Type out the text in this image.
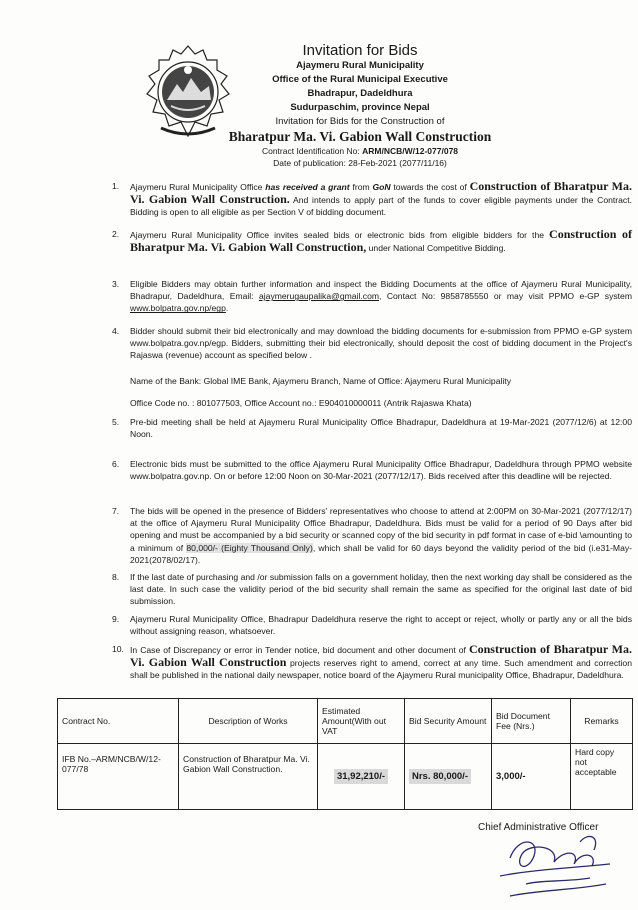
Invitation for Bids
Ajaymeru Rural Municipality
Office of the Rural Municipal Executive
Bhadrapur, Dadeldhura
Sudurpaschim, province Nepal
Invitation for Bids for the Construction of
Bharatpur Ma. Vi. Gabion Wall Construction
Contract Identification No: ARM/NCB/W/12-077/078
Date of publication: 28-Feb-2021 (2077/11/16)
1.	Ajaymeru Rural Municipality Office has received a grant from GoN towards the cost of Construction of Bharatpur Ma. Vi. Gabion Wall Construction. And intends to apply part of the funds to cover eligible payments under the Contract. Bidding is open to all eligible as per Section V of bidding document.
2.	Ajaymeru Rural Municipality Office invites sealed bids or electronic bids from eligible bidders for the Construction of Bharatpur Ma. Vi. Gabion Wall Construction, under National Competitive Bidding.
3.	Eligible Bidders may obtain further information and inspect the Bidding Documents at the office of Ajaymeru Rural Municipality, Bhadrapur, Dadeldhura, Email: ajaymerugaupalika@gmail.com, Contact No: 9858785550 or may visit PPMO e-GP system www.bolpatra.gov.np/egp.
4.	Bidder should submit their bid electronically and may download the bidding documents for e-submission from PPMO e-GP system www.bolpatra.gov.np/egp. Bidders, submitting their bid electronically, should deposit the cost of bidding document in the Project's Rajaswa (revenue) account as specified below .
Name of the Bank: Global IME Bank, Ajaymeru Branch, Name of Office: Ajaymeru Rural Municipality
Office Code no. : 801077503, Office Account no.: E904010000011 (Antrik Rajaswa Khata)
5.	Pre-bid meeting shall be held at Ajaymeru Rural Municipality Office Bhadrapur, Dadeldhura at 19-Mar-2021 (2077/12/6) at 12:00 Noon.
6.	Electronic bids must be submitted to the office Ajaymeru Rural Municipality Office Bhadrapur, Dadeldhura through PPMO website www.bolpatra.gov.np. On or before 12:00 Noon on 30-Mar-2021 (2077/12/17). Bids received after this deadline will be rejected.
7.	The bids will be opened in the presence of Bidders' representatives who choose to attend at 2:00PM on 30-Mar-2021 (2077/12/17) at the office of Ajaymeru Rural Municipality Office Bhadrapur, Dadeldhura. Bids must be valid for a period of 90 Days after bid opening and must be accompanied by a bid security or scanned copy of the bid security in pdf format in case of e-bid \amounting to a minimum of 80,000/- (Eighty Thousand Only), which shall be valid for 60 days beyond the validity period of the bid (i.e31-May-2021(2078/02/17).
8.	If the last date of purchasing and /or submission falls on a government holiday, then the next working day shall be considered as the last date. In such case the validity period of the bid security shall remain the same as specified for the original last date of bid submission.
9.	Ajaymeru Rural Municipality Office, Bhadrapur Dadeldhura reserve the right to accept or reject, wholly or partly any or all the bids without assigning reason, whatsoever.
10. In Case of Discrepancy or error in Tender notice, bid document and other document of Construction of Bharatpur Ma. Vi. Gabion Wall Construction projects reserves right to amend, correct at any time. Such amendment and correction shall be published in the national daily newspaper, notice board of the Ajaymeru Rural municipality Office, Bhadrapur, Dadeldhura.
Contract No.	Description of Works	Estimated Amount(With out VAT	Bid Security Amount	Bid Document Fee (Nrs.)	Remarks
IFB No.–ARM/NCB/W/12-077/78	Construction of Bharatpur Ma. Vi. Gabion Wall Construction.	31,92,210/-	Nrs. 80,000/-	3,000/-	Hard copy not acceptable
Chief Administrative Officer
